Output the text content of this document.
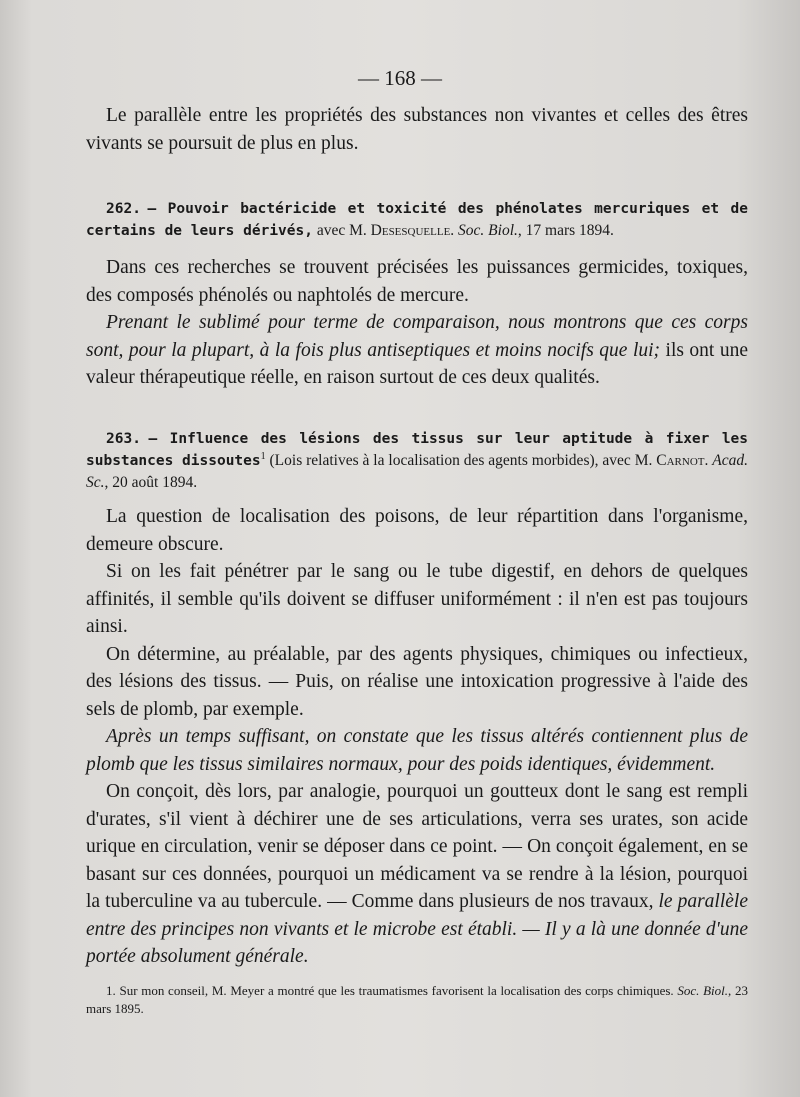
— 168 —

Le parallèle entre les propriétés des substances non vivantes et celles des êtres vivants se poursuit de plus en plus.

262. — Pouvoir bactéricide et toxicité des phénolates mercuriques et de certains de leurs dérivés, avec M. Desesquelle. Soc. Biol., 17 mars 1894.

Dans ces recherches se trouvent précisées les puissances germicides, toxiques, des composés phénolés ou naphtolés de mercure.

Prenant le sublimé pour terme de comparaison, nous montrons que ces corps sont, pour la plupart, à la fois plus antiseptiques et moins nocifs que lui; ils ont une valeur thérapeutique réelle, en raison surtout de ces deux qualités.

263. — Influence des lésions des tissus sur leur aptitude à fixer les substances dissoutes$^1$ (Lois relatives à la localisation des agents morbides), avec M. Carnot. Acad. Sc., 20 août 1894.

La question de localisation des poisons, de leur répartition dans l'organisme, demeure obscure.

Si on les fait pénétrer par le sang ou le tube digestif, en dehors de quelques affinités, il semble qu'ils doivent se diffuser uniformément : il n'en est pas toujours ainsi.

On détermine, au préalable, par des agents physiques, chimiques ou infectieux, des lésions des tissus. — Puis, on réalise une intoxication progressive à l'aide des sels de plomb, par exemple.

Après un temps suffisant, on constate que les tissus altérés contiennent plus de plomb que les tissus similaires normaux, pour des poids identiques, évidemment.

On conçoit, dès lors, par analogie, pourquoi un goutteux dont le sang est rempli d'urates, s'il vient à déchirer une de ses articulations, verra ses urates, son acide urique en circulation, venir se déposer dans ce point. — On conçoit également, en se basant sur ces données, pourquoi un médicament va se rendre à la lésion, pourquoi la tuberculine va au tubercule. — Comme dans plusieurs de nos travaux, le parallèle entre des principes non vivants et le microbe est établi. — Il y a là une donnée d'une portée absolument générale.

1. Sur mon conseil, M. Meyer a montré que les traumatismes favorisent la localisation des corps chimiques. Soc. Biol., 23 mars 1895.
